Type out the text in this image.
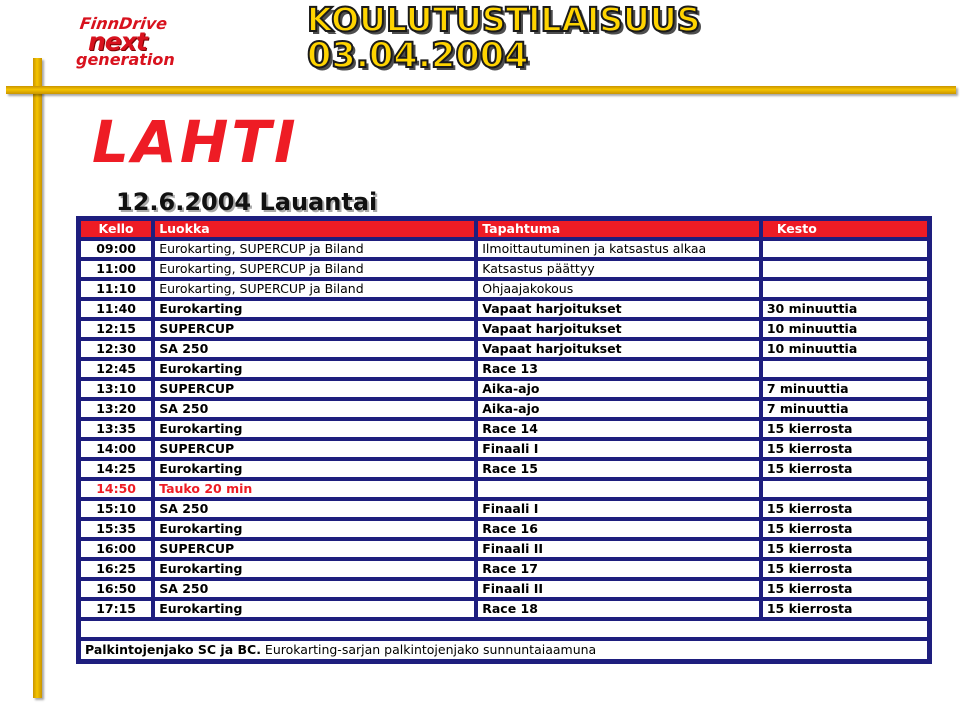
FinnDrive
next
generation
KOULUTUSTILAISUUS
03.04.2004
LAHTI
12.6.2004 Lauantai
Kello	Luokka	Tapahtuma	Kesto
09:00	Eurokarting, SUPERCUP ja Biland	Ilmoittautuminen ja katsastus alkaa	
11:00	Eurokarting, SUPERCUP ja Biland	Katsastus päättyy	
11:10	Eurokarting, SUPERCUP ja Biland	Ohjaajakokous	
11:40	Eurokarting	Vapaat harjoitukset	30 minuuttia
12:15	SUPERCUP	Vapaat harjoitukset	10 minuuttia
12:30	SA 250	Vapaat harjoitukset	10 minuuttia
12:45	Eurokarting	Race 13	
13:10	SUPERCUP	Aika-ajo	7 minuuttia
13:20	SA 250	Aika-ajo	7 minuuttia
13:35	Eurokarting	Race 14	15 kierrosta
14:00	SUPERCUP	Finaali I	15 kierrosta
14:25	Eurokarting	Race 15	15 kierrosta
14:50	Tauko 20 min		
15:10	SA 250	Finaali I	15 kierrosta
15:35	Eurokarting	Race 16	15 kierrosta
16:00	SUPERCUP	Finaali II	15 kierrosta
16:25	Eurokarting	Race 17	15 kierrosta
16:50	SA 250	Finaali II	15 kierrosta
17:15	Eurokarting	Race 18	15 kierrosta

Palkintojenjako SC ja BC. Eurokarting-sarjan palkintojenjako sunnuntaiaamuna			
